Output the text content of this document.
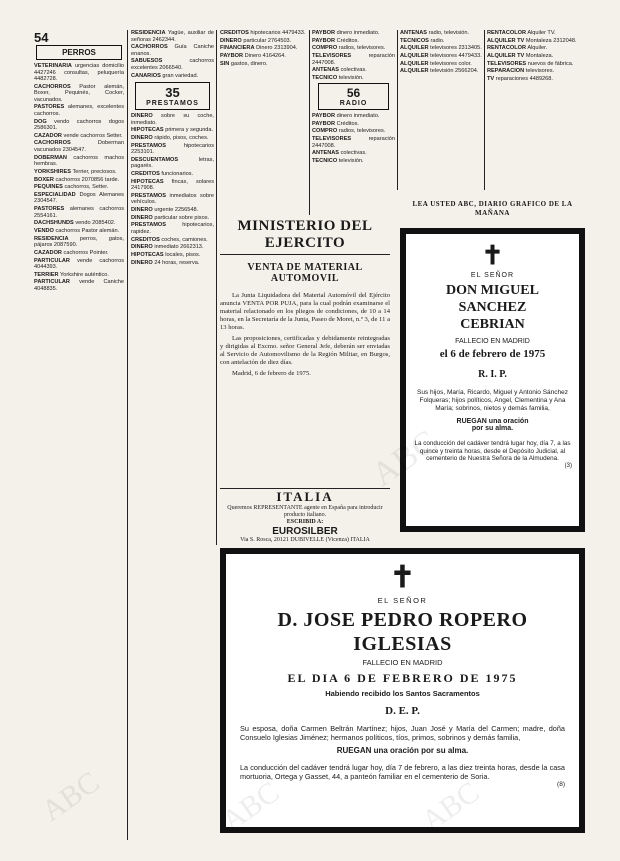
54
PERROS

VETERINARIA urgencias domicilio 4427246 consultas, peluquería 4482728.

CACHORROS Pastor alemán, Boxer, Pequinés, Cocker, vacunados.

PASTORES alemanes, excelentes cachorros.

DOG vendo cachorros dogos 2586301.

CAZADOR vende cachorros Setter.

CACHORROS	Doberman vacunados 2304547.

DOBERMAN cachorros machos hembras.

YORKSHIRES Terrier, preciosos.

BOXER cachorros 2070856 tarde.

PEQUINES cachorros, Setter.

ESPECIALIDAD Dogos Alemanes 2304547.

PASTORES alemanes cachorros 2554161.

DACHSHUNDS vendo 2085402.

VENDO cachorros Pastor alemán.

RESIDENCIA perros, gatos, pájaros 2087590.

CAZADOR cachorros Pointer.

PARTICULAR vende cachorros 4044393.

TERRIER Yorkshire auténtico.

PARTICULAR vende Caniche 4048835.

RESIDENCIA Yagüe, auxiliar de señoras 2462344.

CACHORROS Guía Caniche enanos.

SABUESOS	cachorros excelentes 2066540.

CANARIOS gran variedad.

35
PRESTAMOS

DINERO sobre su coche, inmediato.

HIPOTECAS primera y segunda.

DINERO rápido, pisos, coches.

PRESTAMOS	hipotecarios 2253101.

DESCUENTAMOS	letras, pagarés.

CREDITOS funcionarios.

HIPOTECAS fincas, solares 2417908.

PRESTAMOS inmediatos sobre vehículos.

DINERO urgente 2256548.

DINERO particular sobre pisos.

PRESTAMOS	hipotecarios, rapidez.

CREDITOS coches, camiones.

DINERO inmediato 2662313.

HIPOTECAS locales, pisos.

DINERO 24 horas, reserva.

CREDITOS hipotecarios 4479433.

DINERO particular 2764503.

FINANCIERA Dinero 2313904.

PAYBOR Dinero 4164264.

SIN gastos, dinero.

PAYBOR dinero inmediato.

PAYBOR Créditos.

COMPRO radios, televisores.

TELEVISORES	reparación 2447008.

ANTENAS colectivas.

TECNICO televisión.

56
RADIO

PAYBOR dinero inmediato.

PAYBOR Créditos.

COMPRO radios, televisores.

TELEVISORES	reparación 2447008.

ANTENAS colectivas.

TECNICO televisión.

ANTENAS radio, televisión.

TECNICOS radio.

ALQUILER televisores 2313405.

ALQUILER televisores 4479433.

ALQUILER televisores color.

ALQUILER televisión 2566204.

RENTACOLOR Alquiler TV.

ALQUILER TV Montaleza 2312048.

RENTACOLOR Alquiler.

ALQUILER TV Montaleza.

TELEVISORES nuevos de fábrica.

REPARACION televisores.

TV reparaciones 4489268.

LEA USTED ABC, DIARIO GRAFICO DE LA MAÑANA
MINISTERIO DEL EJERCITO
VENTA DE MATERIAL AUTOMOVIL

La Junta Liquidadora del Material Automóvil del Ejército anuncia VENTA POR PUJA, para la cual podrán examinarse el material relacionado en los pliegos de condiciones, de 10 a 14 horas, en la Secretaría de la Junta, Paseo de Moret, n.º 3, de 11 a 13 horas.

Las proposiciones, certificadas y debidamente reintegradas y dirigidas al Excmo. señor General Jefe, deberán ser enviadas al Servicio de Automovilismo de la Región Militar, en Burgos, con antelación de diez días.

Madrid, 6 de febrero de 1975.

ITALIA
Queremos REPRESENTANTE agente en España para introducir producto italiano.
ESCRIBID A:
EUROSILBER
Via S. Rosca, 20121 DUBIVELLE (Vicenza) ITALIA
✝
EL SEÑOR
DON MIGUEL SANCHEZ
CEBRIAN
FALLECIO EN MADRID
el 6 de febrero de 1975
R. I. P.
Sus hijos, María, Ricardo, Miguel y Antonio Sánchez Folqueras; hijos políticos, Angel, Clementina y Ana María; sobrinos, nietos y demás familia,
RUEGAN una oración
por su alma.
La conducción del cadáver tendrá lugar hoy, día 7, a las quince y treinta horas, desde el Depósito Judicial, al cementerio de Nuestra Señora de la Almudena.
(3)
✝
EL SEÑOR
D. JOSE PEDRO ROPERO IGLESIAS
FALLECIO EN MADRID
EL DIA 6 DE FEBRERO DE 1975
Habiendo recibido los Santos Sacramentos
D. E. P.
Su esposa, doña Carmen Beltrán Martínez; hijos, Juan José y María del Carmen; madre, doña Consuelo Iglesias Jiménez; hermanos políticos, tíos, primos, sobrinos y demás familia,
RUEGAN una oración por su alma.
La conducción del cadáver tendrá lugar hoy, día 7 de febrero, a las diez treinta horas, desde la casa mortuoria, Ortega y Gasset, 44, a panteón familiar en el cementerio de Soria.
(8)
ABC
ABC	ABC	ABC
